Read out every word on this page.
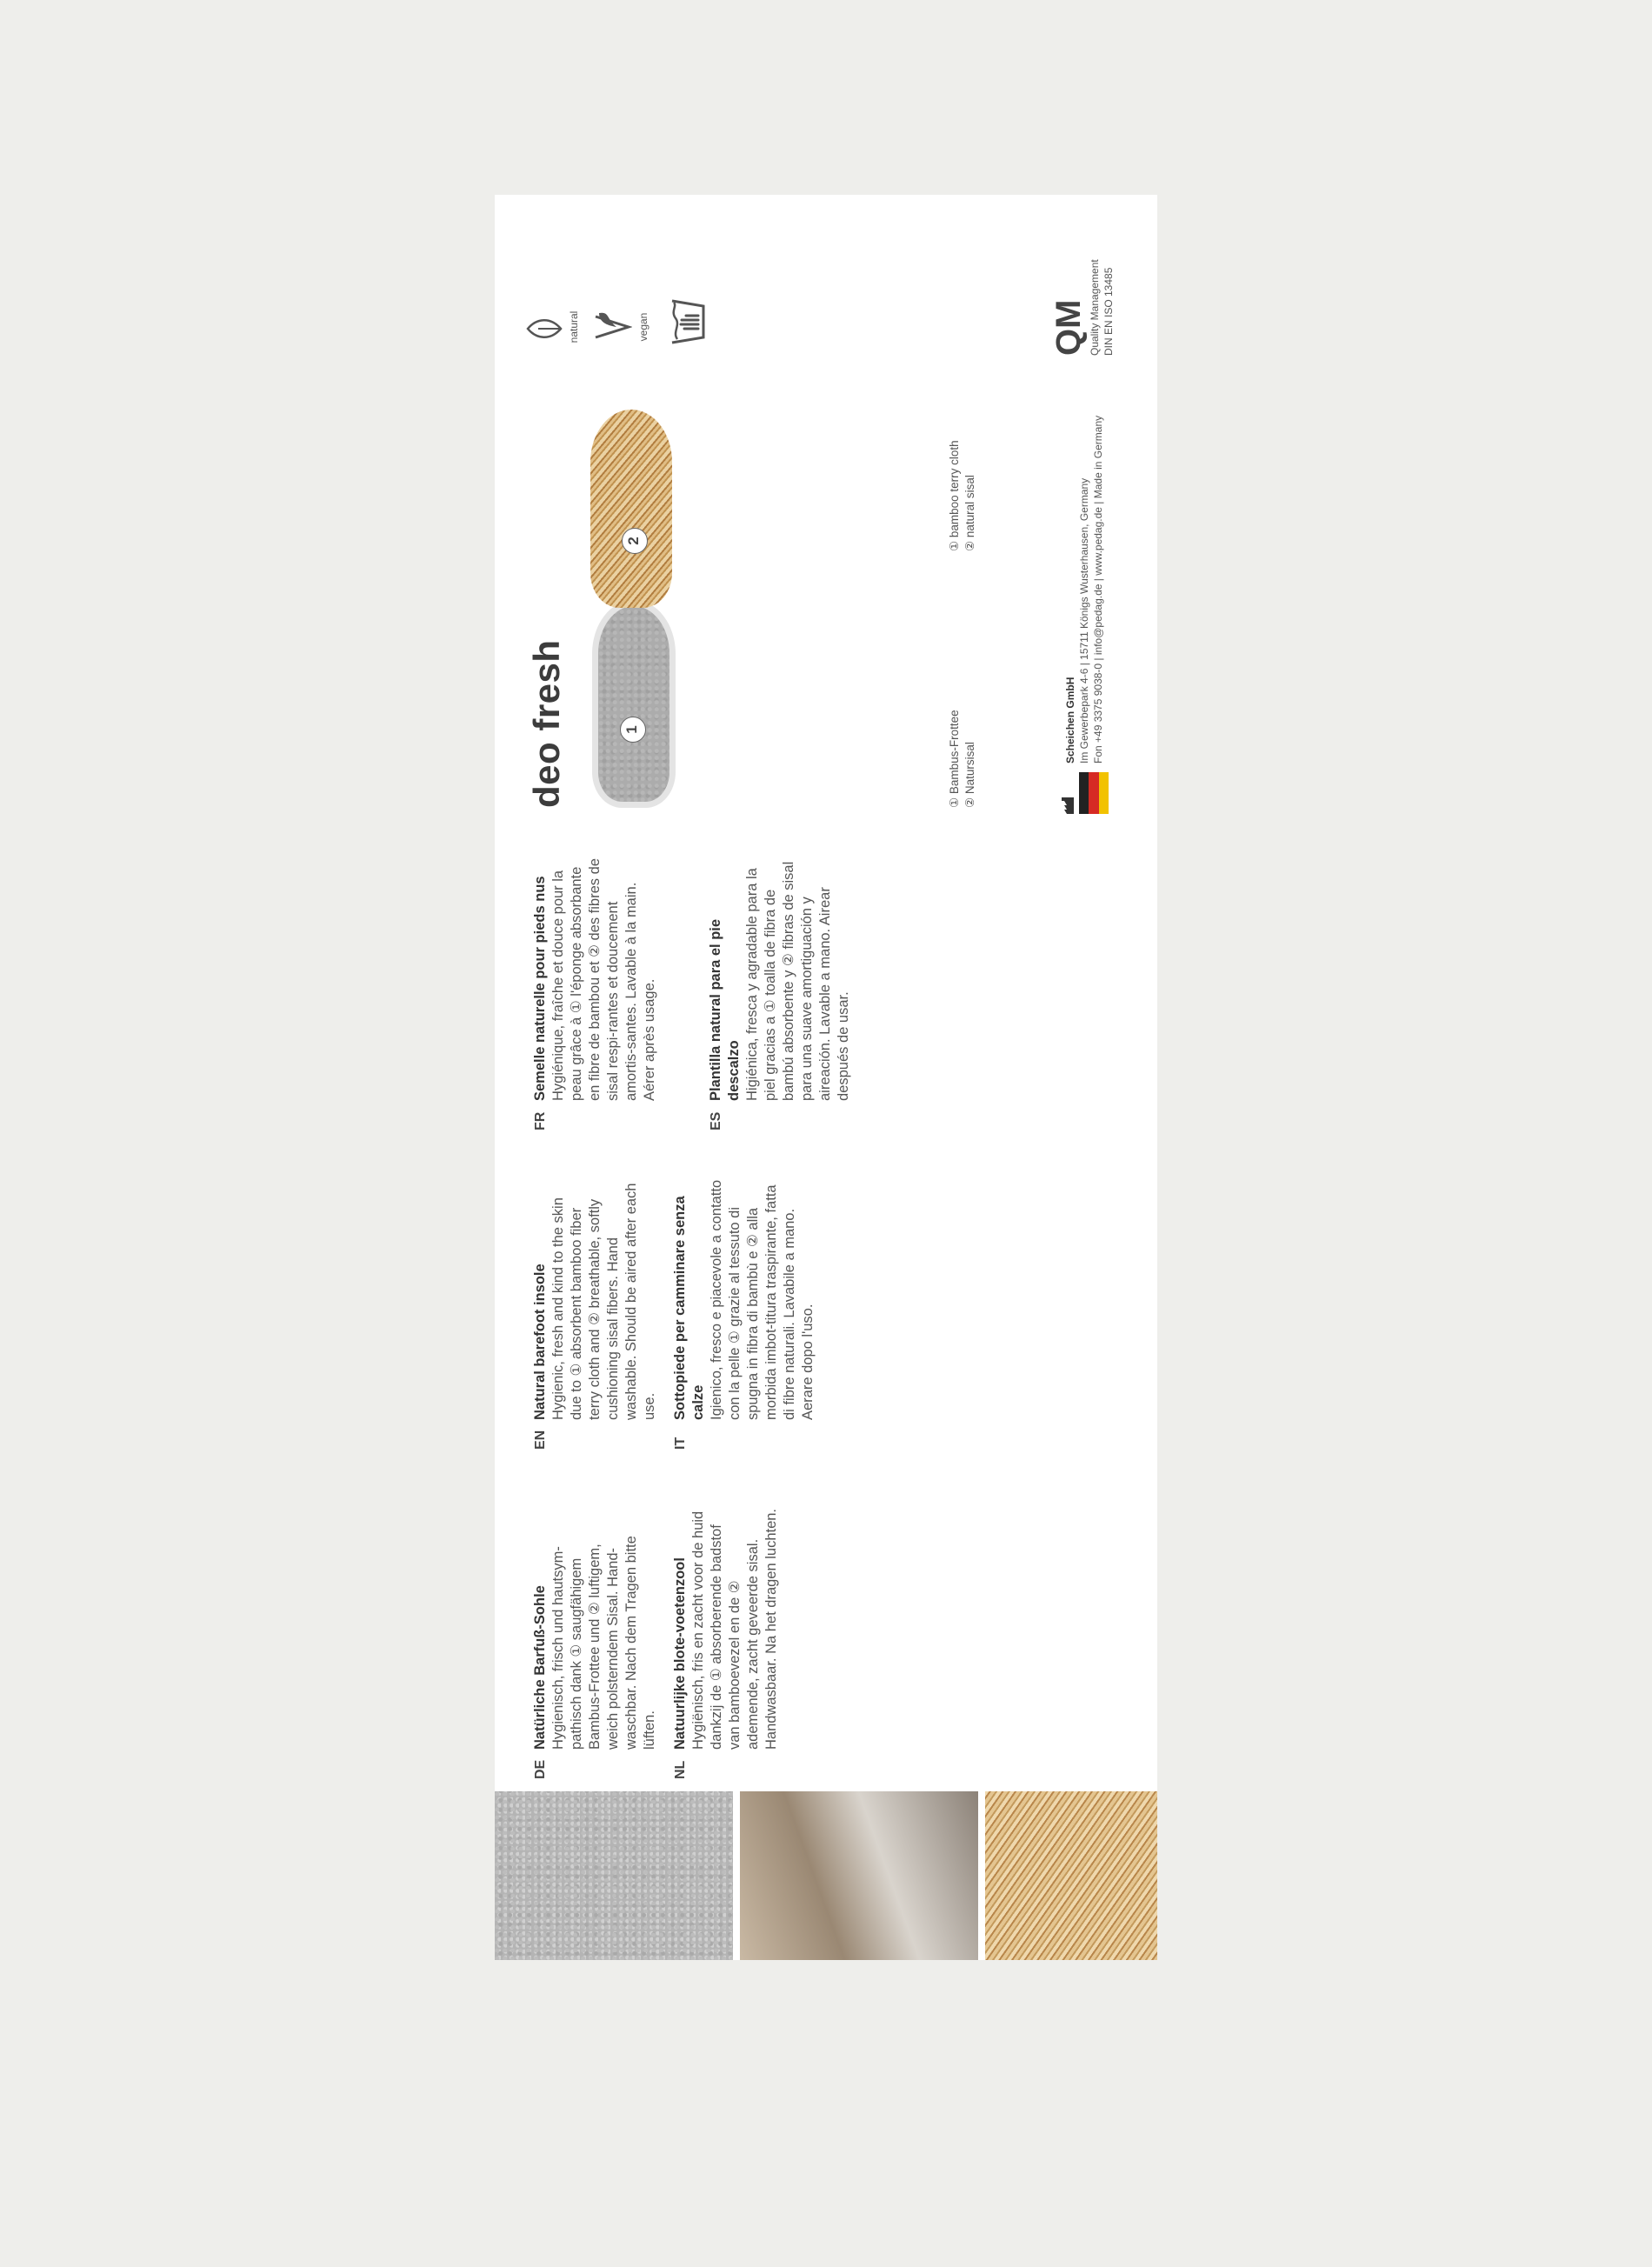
DE
Natürliche Barfuß-Sohle Hygienisch, frisch und hautsym-pathisch dank ① saugfähigem Bambus-Frottee und ② luftigem, weich polsterndem Sisal. Hand-waschbar. Nach dem Tragen bitte lüften.
NL
Natuurlijke blote-voetenzool Hygiënisch, fris en zacht voor de huid dankzij de ① absorberende badstof van bamboevezel en de ② ademende, zacht geveerde sisal. Handwasbaar. Na het dragen luchten.
EN
Natural barefoot insole Hygienic, fresh and kind to the skin due to ① absorbent bamboo fiber terry cloth and ② breathable, softly cushioning sisal fibers. Hand washable. Should be aired after each use.
IT
Sottopiede per camminare senza calze Igienico, fresco e piacevole a contatto con la pelle ① grazie al tessuto di spugna in fibra di bambù e ② alla morbida imbot-titura traspirante, fatta di fibre naturali. Lavabile a mano. Aerare dopo l'uso.
FR
Semelle naturelle pour pieds nus Hygiénique, fraîche et douce pour la peau grâce à ① l'éponge absorbante en fibre de bambou et ② des fibres de sisal respi-rantes et doucement amortis-santes. Lavable à la main. Aérer après usage.
ES
Plantilla natural para el pie descalzo Higiénica, fresca y agradable para la piel gracias a ① toalla de fibra de bambú absorbente y ② fibras de sisal para una suave amortiguación y aireación. Lavable a mano. Airear después de usar.
deo fresh	1
2
① Bambus-Frottee ② Natursisal
① bamboo terry cloth ② natural sisal
Scheichen GmbH Im Gewerbepark 4-6 | 15711 Königs Wusterhausen, Germany Fon +49 3375 9038-0 | info@pedag.de | www.pedag.de | Made in Germany
natural	vegan	QM Quality Management DIN EN ISO 13485
